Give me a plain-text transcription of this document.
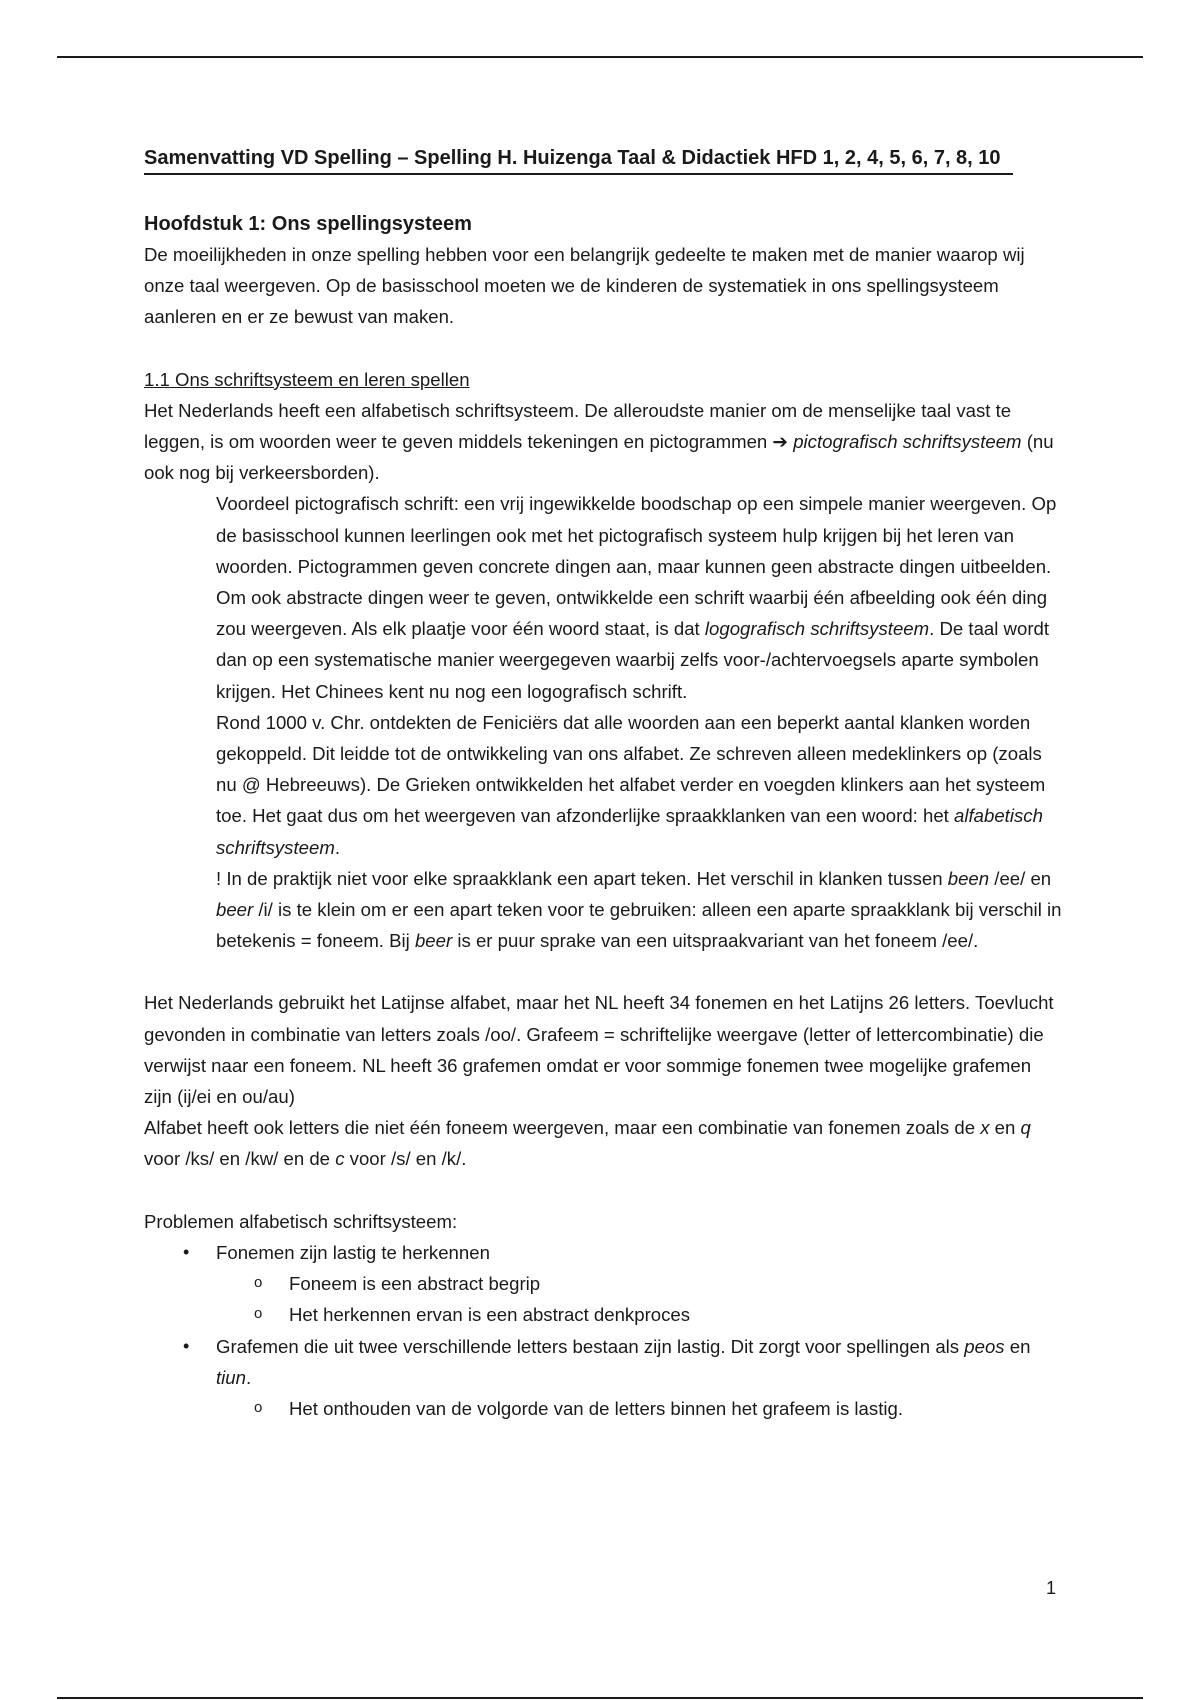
Samenvatting VD Spelling – Spelling H. Huizenga Taal & Didactiek HFD 1, 2, 4, 5, 6, 7, 8, 10
Hoofdstuk 1: Ons spellingsysteem

De moeilijkheden in onze spelling hebben voor een belangrijk gedeelte te maken met de manier waarop wij onze taal weergeven. Op de basisschool moeten we de kinderen de systematiek in ons spellingsysteem aanleren en er ze bewust van maken.

1.1 Ons schriftsysteem en leren spellen

Het Nederlands heeft een alfabetisch schriftsysteem. De alleroudste manier om de menselijke taal vast te leggen, is om woorden weer te geven middels tekeningen en pictogrammen ➔ pictografisch schriftsysteem (nu ook nog bij verkeersborden).

Voordeel pictografisch schrift: een vrij ingewikkelde boodschap op een simpele manier weergeven. Op de basisschool kunnen leerlingen ook met het pictografisch systeem hulp krijgen bij het leren van woorden. Pictogrammen geven concrete dingen aan, maar kunnen geen abstracte dingen uitbeelden.

Om ook abstracte dingen weer te geven, ontwikkelde een schrift waarbij één afbeelding ook één ding zou weergeven. Als elk plaatje voor één woord staat, is dat logografisch schriftsysteem. De taal wordt dan op een systematische manier weergegeven waarbij zelfs voor-/achtervoegsels aparte symbolen krijgen. Het Chinees kent nu nog een logografisch schrift.

Rond 1000 v. Chr. ontdekten de Feniciërs dat alle woorden aan een beperkt aantal klanken worden gekoppeld. Dit leidde tot de ontwikkeling van ons alfabet. Ze schreven alleen medeklinkers op (zoals nu @ Hebreeuws). De Grieken ontwikkelden het alfabet verder en voegden klinkers aan het systeem toe. Het gaat dus om het weergeven van afzonderlijke spraakklanken van een woord: het alfabetisch schriftsysteem.

! In de praktijk niet voor elke spraakklank een apart teken. Het verschil in klanken tussen been /ee/ en beer /i/ is te klein om er een apart teken voor te gebruiken: alleen een aparte spraakklank bij verschil in betekenis = foneem. Bij beer is er puur sprake van een uitspraakvariant van het foneem /ee/.

Het Nederlands gebruikt het Latijnse alfabet, maar het NL heeft 34 fonemen en het Latijns 26 letters. Toevlucht gevonden in combinatie van letters zoals /oo/. Grafeem = schriftelijke weergave (letter of lettercombinatie) die verwijst naar een foneem. NL heeft 36 grafemen omdat er voor sommige fonemen twee mogelijke grafemen zijn (ij/ei en ou/au)

Alfabet heeft ook letters die niet één foneem weergeven, maar een combinatie van fonemen zoals de x en q voor /ks/ en /kw/ en de c voor /s/ en /k/.

Problemen alfabetisch schriftsysteem:

• Fonemen zijn lastig te herkennen
o Foneem is een abstract begrip
o Het herkennen ervan is een abstract denkproces
• Grafemen die uit twee verschillende letters bestaan zijn lastig. Dit zorgt voor spellingen als peos en tiun.
o Het onthouden van de volgorde van de letters binnen het grafeem is lastig.
1
